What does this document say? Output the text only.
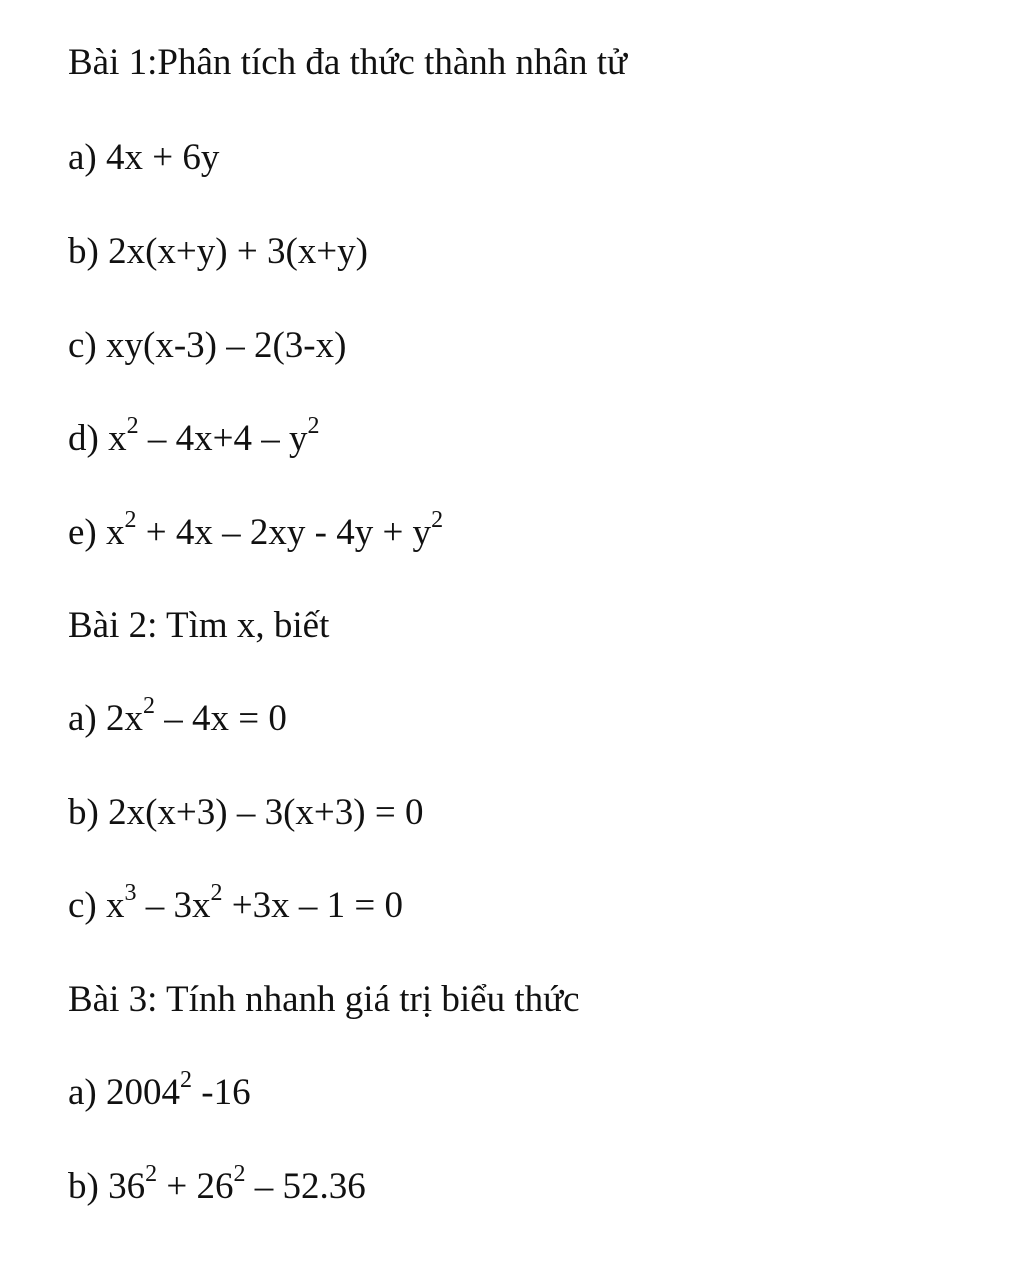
Bài 1:Phân tích đa thức thành nhân tử
a) 4x + 6y
b) 2x(x+y) + 3(x+y)
c) xy(x-3) – 2(3-x)
d) $x^2 - 4x+4 - y^2$
e) $x^2 + 4x - 2xy - 4y + y^2$
Bài 2: Tìm x, biết
a) $2x^2 - 4x = 0$
b) 2x(x+3) – 3(x+3) = 0
c) $x^3 - 3x^2 +3x - 1 = 0$
Bài 3: Tính nhanh giá trị biểu thức
a) 2004$^2$ -16
b) $36^2 + 26^2 - 52.36$
